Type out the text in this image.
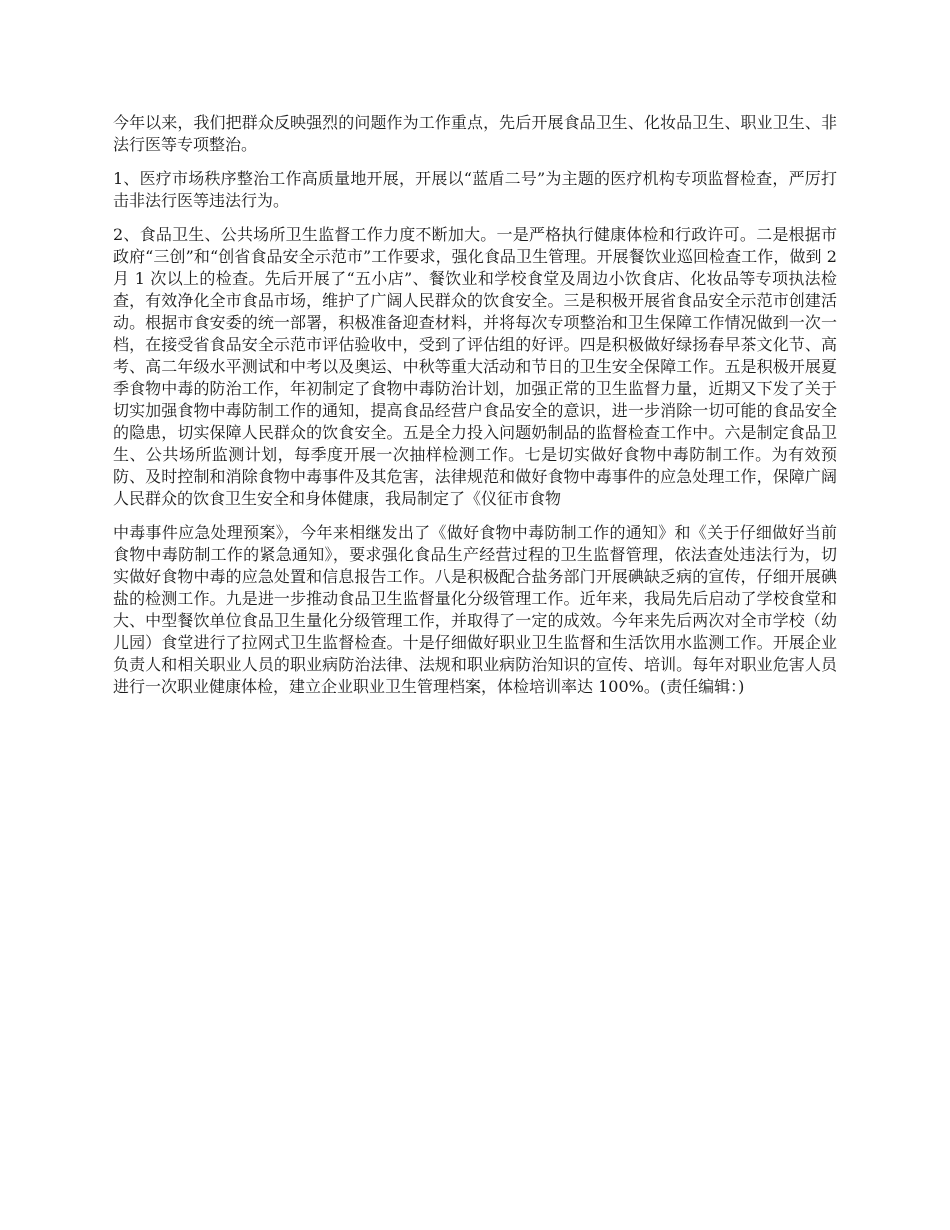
今年以来，我们把群众反映强烈的问题作为工作重点，先后开展食品卫生、化妆品卫生、职业卫生、非法行医等专项整治。

1、医疗市场秩序整治工作高质量地开展，开展以“蓝盾二号”为主题的医疗机构专项监督检查，严厉打击非法行医等违法行为。

2、食品卫生、公共场所卫生监督工作力度不断加大。一是严格执行健康体检和行政许可。二是根据市政府“三创”和“创省食品安全示范市”工作要求，强化食品卫生管理。开展餐饮业巡回检查工作，做到 2 月 1 次以上的检查。先后开展了“五小店”、餐饮业和学校食堂及周边小饮食店、化妆品等专项执法检查，有效净化全市食品市场，维护了广阔人民群众的饮食安全。三是积极开展省食品安全示范市创建活动。根据市食安委的统一部署，积极准备迎查材料，并将每次专项整治和卫生保障工作情况做到一次一档，在接受省食品安全示范市评估验收中，受到了评估组的好评。四是积极做好绿扬春早茶文化节、高考、高二年级水平测试和中考以及奥运、中秋等重大活动和节日的卫生安全保障工作。五是积极开展夏季食物中毒的防治工作，年初制定了食物中毒防治计划，加强正常的卫生监督力量，近期又下发了关于切实加强食物中毒防制工作的通知，提高食品经营户食品安全的意识，进一步消除一切可能的食品安全的隐患，切实保障人民群众的饮食安全。五是全力投入问题奶制品的监督检查工作中。六是制定食品卫生、公共场所监测计划，每季度开展一次抽样检测工作。七是切实做好食物中毒防制工作。为有效预防、及时控制和消除食物中毒事件及其危害，法律规范和做好食物中毒事件的应急处理工作，保障广阔人民群众的饮食卫生安全和身体健康，我局制定了《仪征市食物

中毒事件应急处理预案》，今年来相继发出了《做好食物中毒防制工作的通知》和《关于仔细做好当前食物中毒防制工作的紧急通知》，要求强化食品生产经营过程的卫生监督管理，依法查处违法行为，切实做好食物中毒的应急处置和信息报告工作。八是积极配合盐务部门开展碘缺乏病的宣传，仔细开展碘盐的检测工作。九是进一步推动食品卫生监督量化分级管理工作。近年来，我局先后启动了学校食堂和大、中型餐饮单位食品卫生量化分级管理工作，并取得了一定的成效。今年来先后两次对全市学校（幼儿园）食堂进行了拉网式卫生监督检查。十是仔细做好职业卫生监督和生活饮用水监测工作。开展企业负责人和相关职业人员的职业病防治法律、法规和职业病防治知识的宣传、培训。每年对职业危害人员进行一次职业健康体检，建立企业职业卫生管理档案，体检培训率达 100%。(责任编辑：)
